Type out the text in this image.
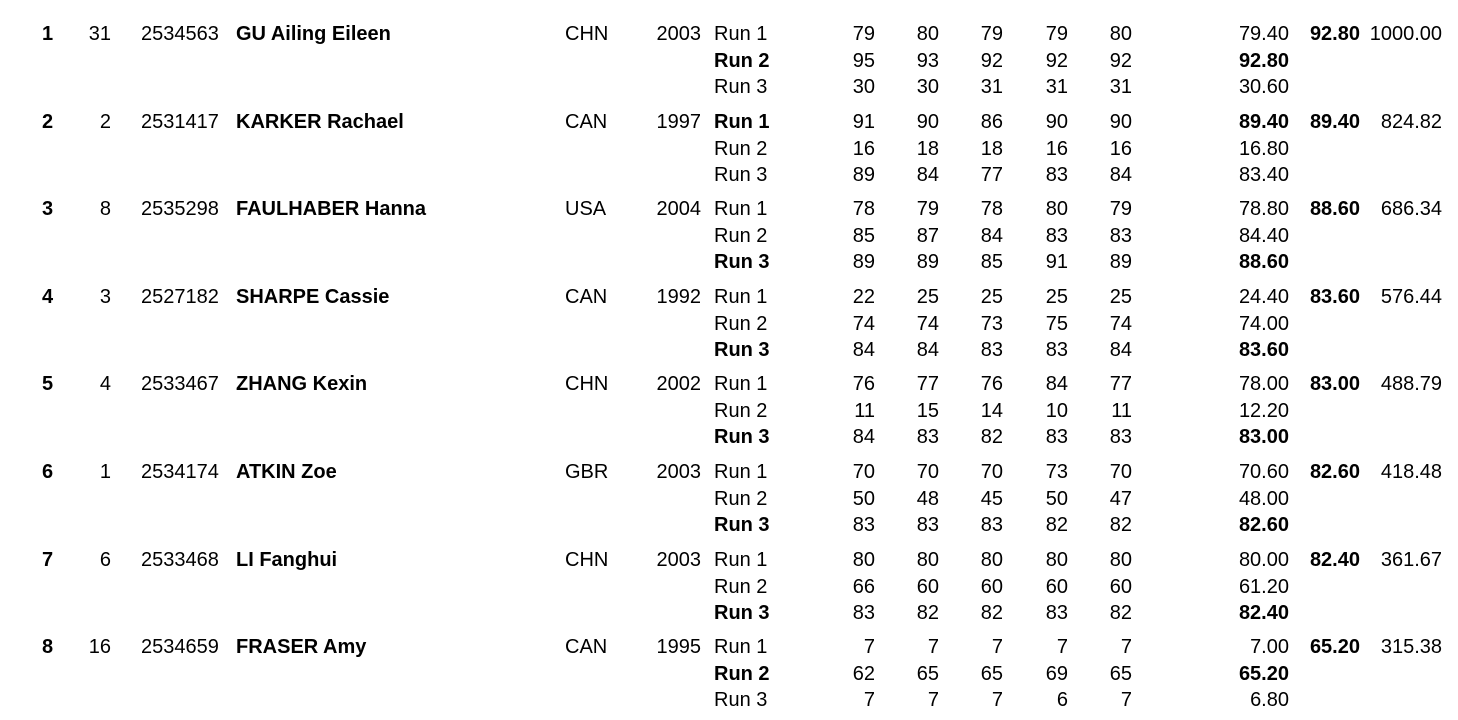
1 31 2534563 GU Ailing Eileen	CHN 2003	92.80 1000.00
Run 1	79 80 79 79 80	79.40
Run 2	95 93 92 92 92	92.80
Run 3	30 30 31 31 31	30.60
2 2 2531417 KARKER Rachael	CAN 1997	89.40 824.82
Run 1	91 90 86 90 90	89.40
Run 2	16 18 18 16 16	16.80
Run 3	89 84 77 83 84	83.40
3 8 2535298 FAULHABER Hanna	USA	2004	88.60 686.34
Run 1	78 79 78 80 79	78.80
Run 2	85 87 84 83 83	84.40
Run 3	89 89 85 91 89	88.60
4 3 2527182 SHARPE Cassie	CAN 1992	83.60 576.44
Run 1	22 25 25 25 25	24.40
Run 2	74 74 73 75 74	74.00
Run 3	84 84 83 83 84	83.60
5 4 2533467 ZHANG Kexin	CHN 2002	83.00 488.79
Run 1	76 77 76 84 77	78.00
Run 2	11 15 14 10 11	12.20
Run 3	84 83 82 83 83	83.00
6 1 2534174 ATKIN Zoe	GBR 2003	82.60 418.48
Run 1	70 70 70 73 70	70.60
Run 2	50 48 45 50 47	48.00
Run 3	83 83 83 82 82	82.60
7 6 2533468 LI Fanghui	CHN 2003	82.40 361.67
Run 1	80 80 80 80 80	80.00
Run 2	66 60 60 60 60	61.20
Run 3	83 82 82 83 82	82.40
8 16 2534659 FRASER Amy	CAN 1995	65.20 315.38
Run 1	7	7	7	7	7	7.00
Run 2	62 65 65 69 65	65.20
Run 3	7	7	7	6	7	6.80
